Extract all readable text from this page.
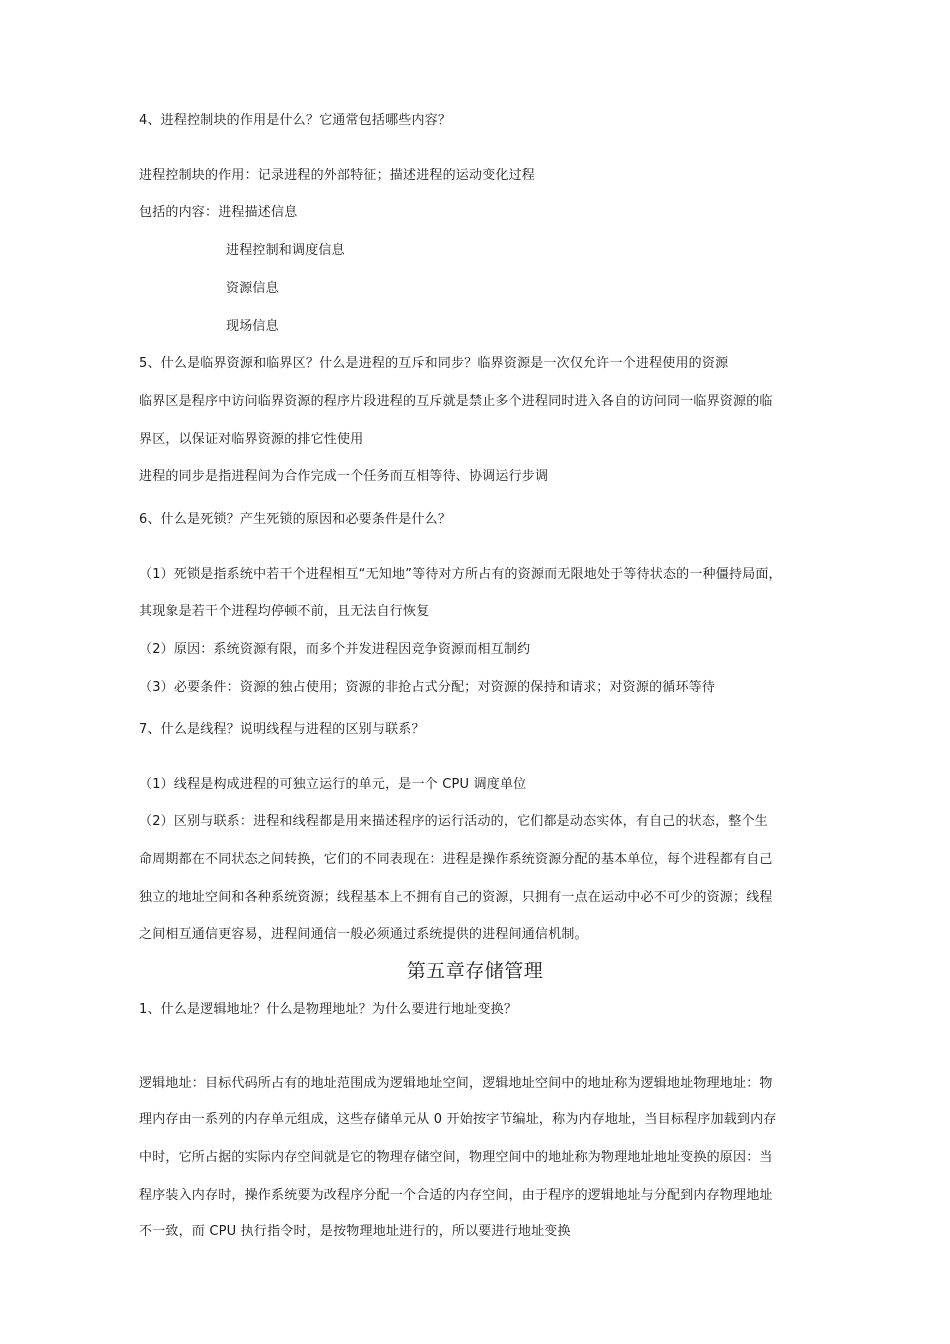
4、进程控制块的作用是什么？它通常包括哪些内容？
进程控制块的作用：记录进程的外部特征；描述进程的运动变化过程
包括的内容：进程描述信息
进程控制和调度信息
资源信息
现场信息
5、什么是临界资源和临界区？什么是进程的互斥和同步？临界资源是一次仅允许一个进程使用的资源
临界区是程序中访问临界资源的程序片段进程的互斥就是禁止多个进程同时进入各自的访问同一临界资源的临
界区，以保证对临界资源的排它性使用
进程的同步是指进程间为合作完成一个任务而互相等待、协调运行步调
6、什么是死锁？产生死锁的原因和必要条件是什么？
（1）死锁是指系统中若干个进程相互“无知地”等待对方所占有的资源而无限地处于等待状态的一种僵持局面，
其现象是若干个进程均停顿不前，且无法自行恢复
（2）原因：系统资源有限，而多个并发进程因竞争资源而相互制约
（3）必要条件：资源的独占使用；资源的非抢占式分配；对资源的保持和请求；对资源的循环等待
7、什么是线程？说明线程与进程的区别与联系？
（1）线程是构成进程的可独立运行的单元，是一个 CPU 调度单位
（2）区别与联系：进程和线程都是用来描述程序的运行活动的，它们都是动态实体，有自己的状态，整个生
命周期都在不同状态之间转换，它们的不同表现在：进程是操作系统资源分配的基本单位，每个进程都有自己
独立的地址空间和各种系统资源；线程基本上不拥有自己的资源，只拥有一点在运动中必不可少的资源；线程
之间相互通信更容易，进程间通信一般必须通过系统提供的进程间通信机制。
第五章存储管理
1、什么是逻辑地址？什么是物理地址？为什么要进行地址变换？
逻辑地址：目标代码所占有的地址范围成为逻辑地址空间，逻辑地址空间中的地址称为逻辑地址物理地址：物
理内存由一系列的内存单元组成，这些存储单元从 0 开始按字节编址，称为内存地址，当目标程序加载到内存
中时，它所占据的实际内存空间就是它的物理存储空间，物理空间中的地址称为物理地址地址变换的原因：当
程序装入内存时，操作系统要为改程序分配一个合适的内存空间，由于程序的逻辑地址与分配到内存物理地址
不一致，而 CPU 执行指令时，是按物理地址进行的，所以要进行地址变换
